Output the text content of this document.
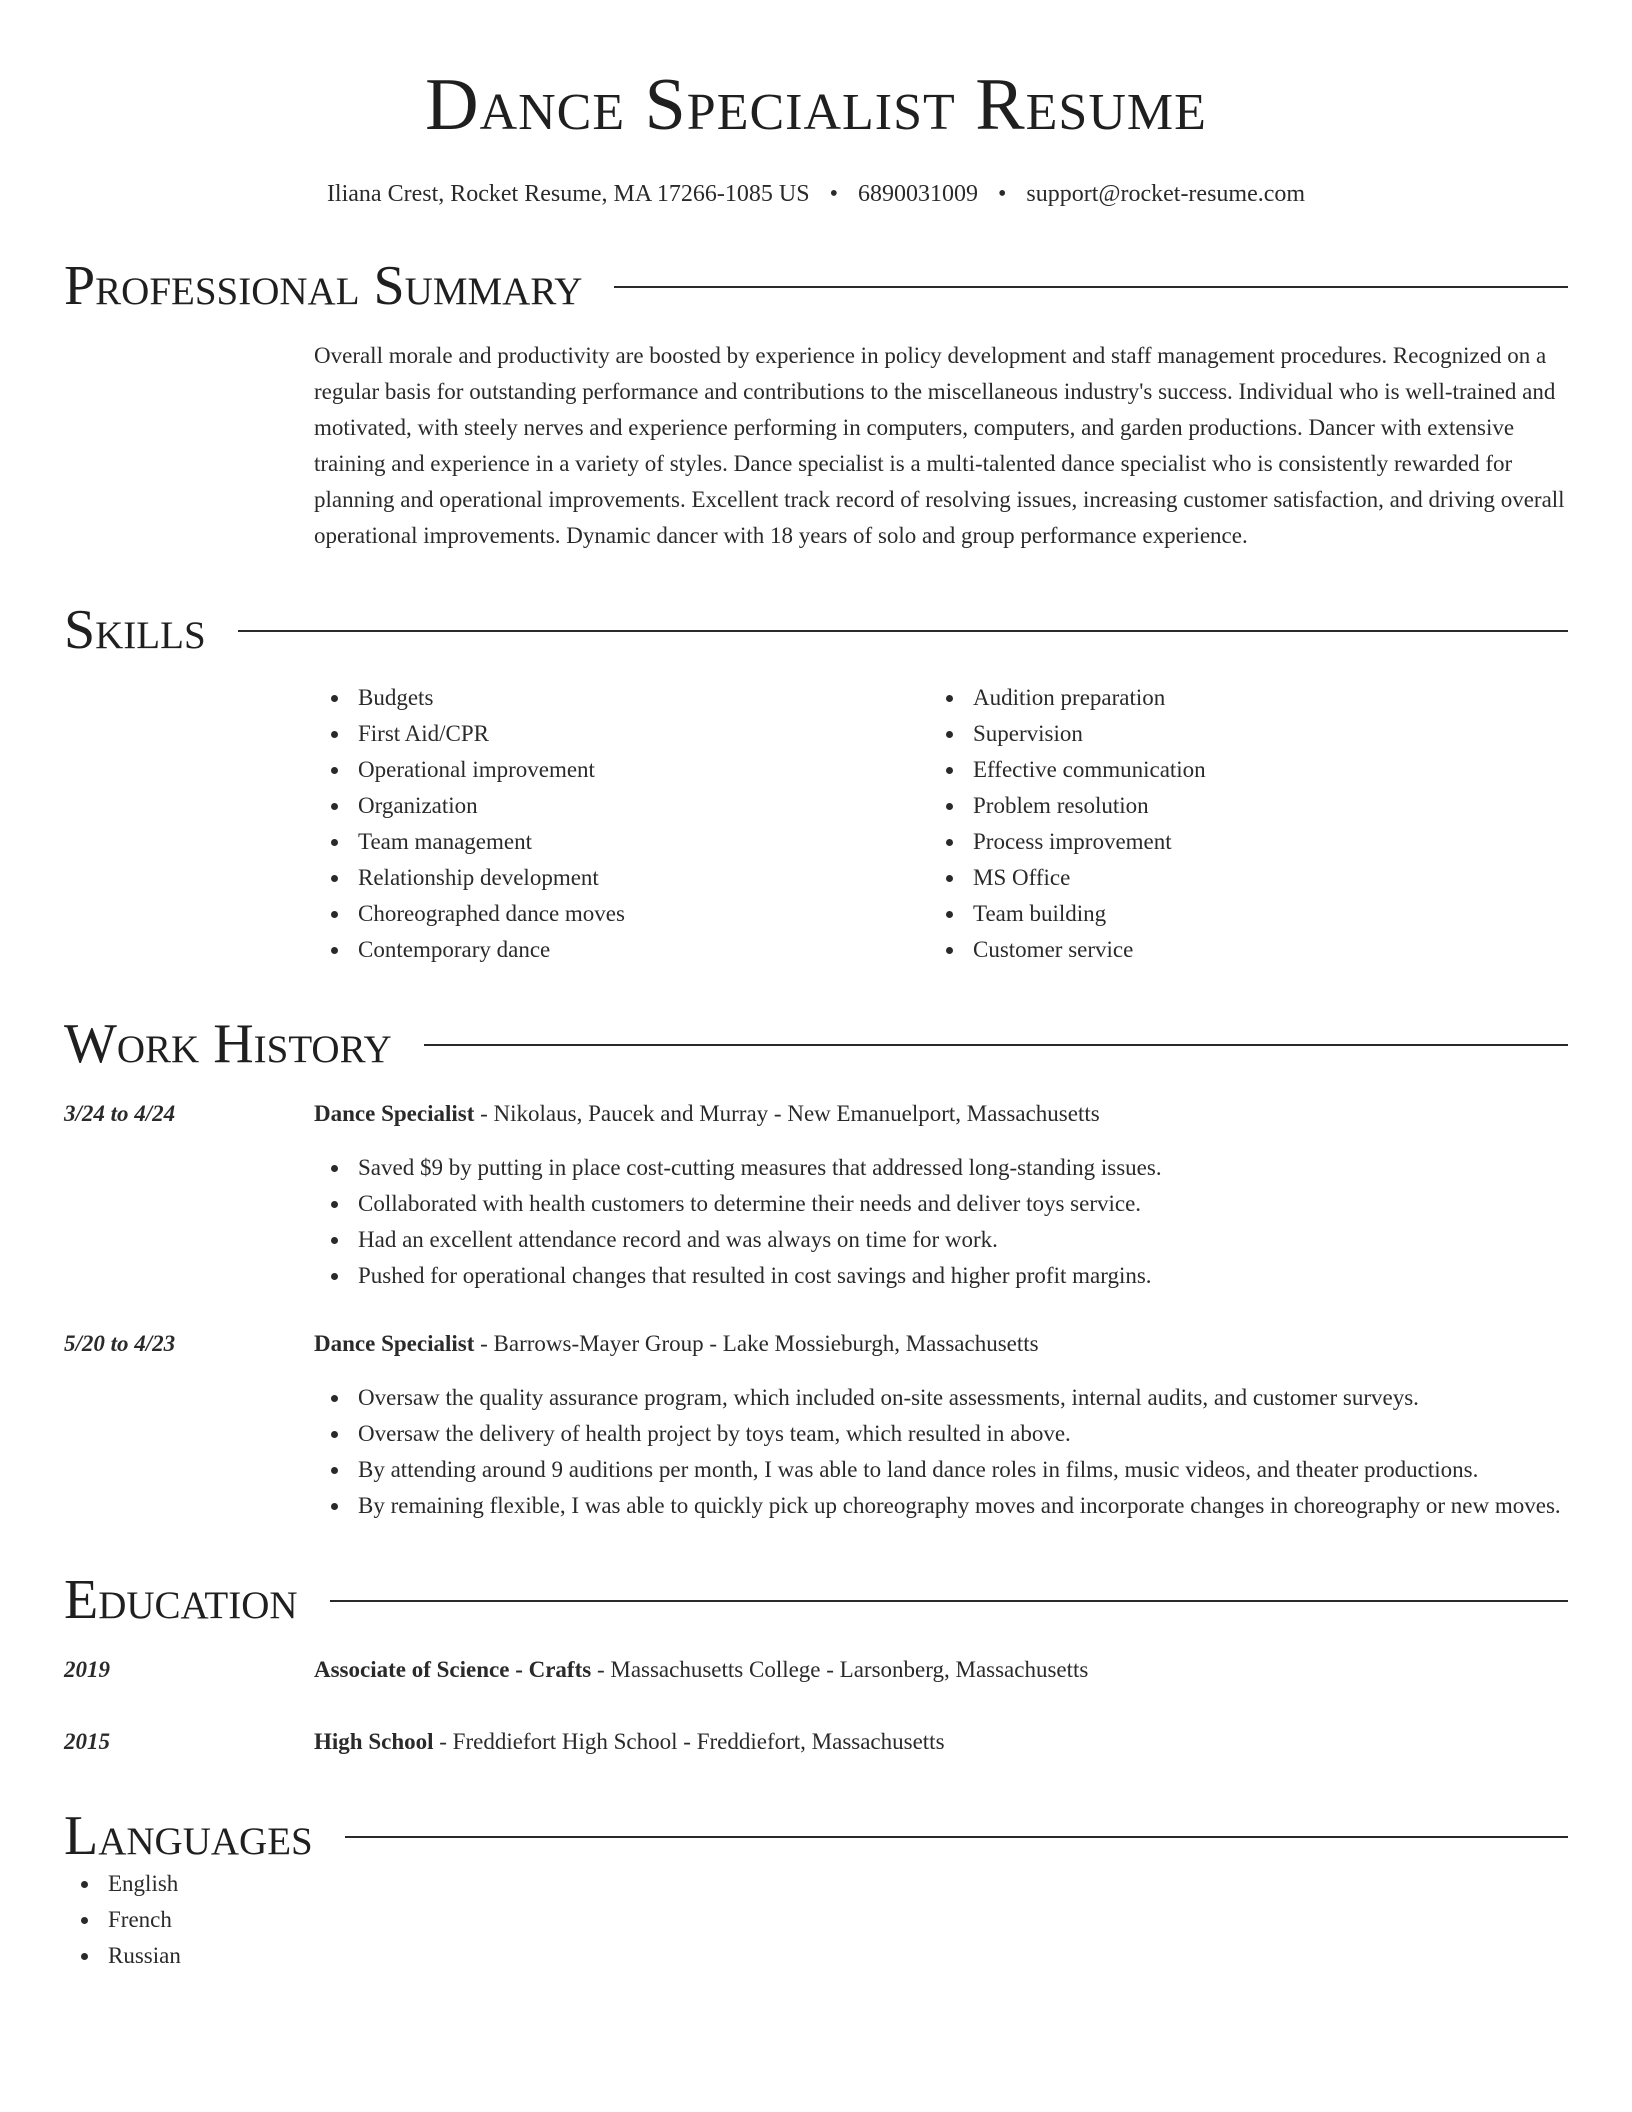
Dance Specialist Resume
Iliana Crest, Rocket Resume, MA 17266-1085 US • 6890031009 • support@rocket-resume.com
Professional Summary
Overall morale and productivity are boosted by experience in policy development and staff management procedures. Recognized on a regular basis for outstanding performance and contributions to the miscellaneous industry's success. Individual who is well-trained and motivated, with steely nerves and experience performing in computers, computers, and garden productions. Dancer with extensive training and experience in a variety of styles. Dance specialist is a multi-talented dance specialist who is consistently rewarded for planning and operational improvements. Excellent track record of resolving issues, increasing customer satisfaction, and driving overall operational improvements. Dynamic dancer with 18 years of solo and group performance experience.
Skills
Budgets
First Aid/CPR
Operational improvement
Organization
Team management
Relationship development
Choreographed dance moves
Contemporary dance
Audition preparation
Supervision
Effective communication
Problem resolution
Process improvement
MS Office
Team building
Customer service
Work History
3/24 to 4/24	Dance Specialist - Nikolaus, Paucek and Murray - New Emanuelport, Massachusetts
Saved $9 by putting in place cost-cutting measures that addressed long-standing issues.
Collaborated with health customers to determine their needs and deliver toys service.
Had an excellent attendance record and was always on time for work.
Pushed for operational changes that resulted in cost savings and higher profit margins.
5/20 to 4/23	Dance Specialist - Barrows-Mayer Group - Lake Mossieburgh, Massachusetts
Oversaw the quality assurance program, which included on-site assessments, internal audits, and customer surveys.
Oversaw the delivery of health project by toys team, which resulted in above.
By attending around 9 auditions per month, I was able to land dance roles in films, music videos, and theater productions.
By remaining flexible, I was able to quickly pick up choreography moves and incorporate changes in choreography or new moves.
Education
2019	Associate of Science - Crafts - Massachusetts College - Larsonberg, Massachusetts
2015	High School - Freddiefort High School - Freddiefort, Massachusetts
Languages
English
French
Russian
